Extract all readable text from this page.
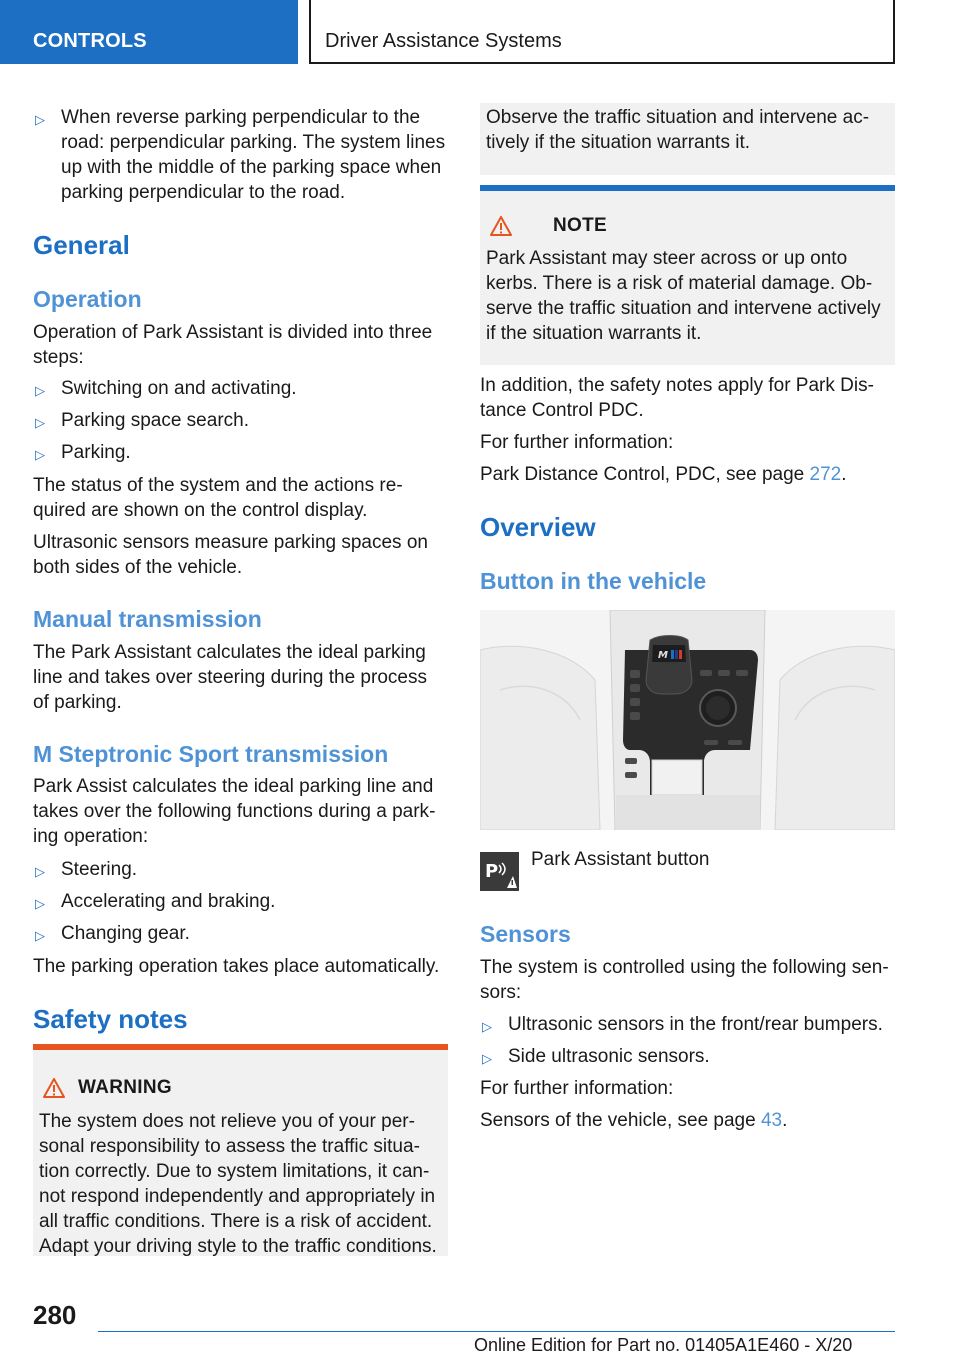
CONTROLS	Driver Assistance Systems
▷ When reverse parking perpendicular to the road: perpendicular parking. The system lines up with the middle of the parking space when parking perpendicular to the road.
General
Operation
Operation of Park Assistant is divided into three steps:
▷ Switching on and activating.
▷ Parking space search.
▷ Parking.
The status of the system and the actions required are shown on the control display.
Ultrasonic sensors measure parking spaces on both sides of the vehicle.
Manual transmission
The Park Assistant calculates the ideal parking line and takes over steering during the process of parking.
M Steptronic Sport transmission
Park Assist calculates the ideal parking line and takes over the following functions during a parking operation:
▷ Steering.
▷ Accelerating and braking.
▷ Changing gear.
The parking operation takes place automatically.
Safety notes
WARNING
The system does not relieve you of your personal responsibility to assess the traffic situation correctly. Due to system limitations, it cannot respond independently and appropriately in all traffic conditions. There is a risk of accident. Adapt your driving style to the traffic conditions.
Observe the traffic situation and intervene actively if the situation warrants it.
NOTE
Park Assistant may steer across or up onto kerbs. There is a risk of material damage. Observe the traffic situation and intervene actively if the situation warrants it.
In addition, the safety notes apply for Park Distance Control PDC.
For further information:
Park Distance Control, PDC, see page 272.
Overview
Button in the vehicle
M
P
Park Assistant button
Sensors
The system is controlled using the following sensors:
▷ Ultrasonic sensors in the front/rear bumpers.
▷ Side ultrasonic sensors.
For further information:
Sensors of the vehicle, see page 43.
280
Online Edition for Part no. 01405A1E460 - X/20
